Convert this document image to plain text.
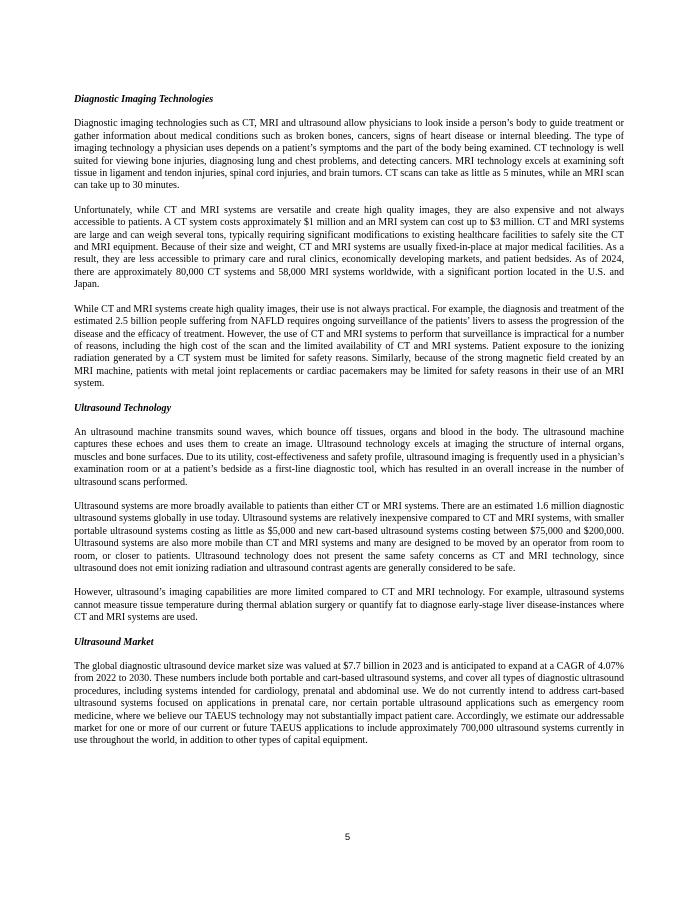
Diagnostic Imaging Technologies

Diagnostic imaging technologies such as CT, MRI and ultrasound allow physicians to look inside a person’s body to guide treatment or gather information about medical conditions such as broken bones, cancers, signs of heart disease or internal bleeding. The type of imaging technology a physician uses depends on a patient’s symptoms and the part of the body being examined. CT technology is well suited for viewing bone injuries, diagnosing lung and chest problems, and detecting cancers. MRI technology excels at examining soft tissue in ligament and tendon injuries, spinal cord injuries, and brain tumors. CT scans can take as little as 5 minutes, while an MRI scan can take up to 30 minutes.

Unfortunately, while CT and MRI systems are versatile and create high quality images, they are also expensive and not always accessible to patients. A CT system costs approximately $1 million and an MRI system can cost up to $3 million. CT and MRI systems are large and can weigh several tons, typically requiring significant modifications to existing healthcare facilities to safely site the CT and MRI equipment. Because of their size and weight, CT and MRI systems are usually fixed-in-place at major medical facilities. As a result, they are less accessible to primary care and rural clinics, economically developing markets, and patient bedsides. As of 2024, there are approximately 80,000 CT systems and 58,000 MRI systems worldwide, with a significant portion located in the U.S. and Japan.

While CT and MRI systems create high quality images, their use is not always practical. For example, the diagnosis and treatment of the estimated 2.5 billion people suffering from NAFLD requires ongoing surveillance of the patients’ livers to assess the progression of the disease and the efficacy of treatment. However, the use of CT and MRI systems to perform that surveillance is impractical for a number of reasons, including the high cost of the scan and the limited availability of CT and MRI systems. Patient exposure to the ionizing radiation generated by a CT system must be limited for safety reasons. Similarly, because of the strong magnetic field created by an MRI machine, patients with metal joint replacements or cardiac pacemakers may be limited for safety reasons in their use of an MRI system.

Ultrasound Technology

An ultrasound machine transmits sound waves, which bounce off tissues, organs and blood in the body. The ultrasound machine captures these echoes and uses them to create an image. Ultrasound technology excels at imaging the structure of internal organs, muscles and bone surfaces. Due to its utility, cost-effectiveness and safety profile, ultrasound imaging is frequently used in a physician’s examination room or at a patient’s bedside as a first-line diagnostic tool, which has resulted in an overall increase in the number of ultrasound scans performed.

Ultrasound systems are more broadly available to patients than either CT or MRI systems. There are an estimated 1.6 million diagnostic ultrasound systems globally in use today. Ultrasound systems are relatively inexpensive compared to CT and MRI systems, with smaller portable ultrasound systems costing as little as $5,000 and new cart-based ultrasound systems costing between $75,000 and $200,000. Ultrasound systems are also more mobile than CT and MRI systems and many are designed to be moved by an operator from room to room, or closer to patients. Ultrasound technology does not present the same safety concerns as CT and MRI technology, since ultrasound does not emit ionizing radiation and ultrasound contrast agents are generally considered to be safe.

However, ultrasound’s imaging capabilities are more limited compared to CT and MRI technology. For example, ultrasound systems cannot measure tissue temperature during thermal ablation surgery or quantify fat to diagnose early-stage liver disease-instances where CT and MRI systems are used.

Ultrasound Market

The global diagnostic ultrasound device market size was valued at $7.7 billion in 2023 and is anticipated to expand at a CAGR of 4.07% from 2022 to 2030. These numbers include both portable and cart-based ultrasound systems, and cover all types of diagnostic ultrasound procedures, including systems intended for cardiology, prenatal and abdominal use. We do not currently intend to address cart-based ultrasound systems focused on applications in prenatal care, nor certain portable ultrasound applications such as emergency room medicine, where we believe our TAEUS technology may not substantially impact patient care. Accordingly, we estimate our addressable market for one or more of our current or future TAEUS applications to include approximately 700,000 ultrasound systems currently in use throughout the world, in addition to other types of capital equipment.

5
